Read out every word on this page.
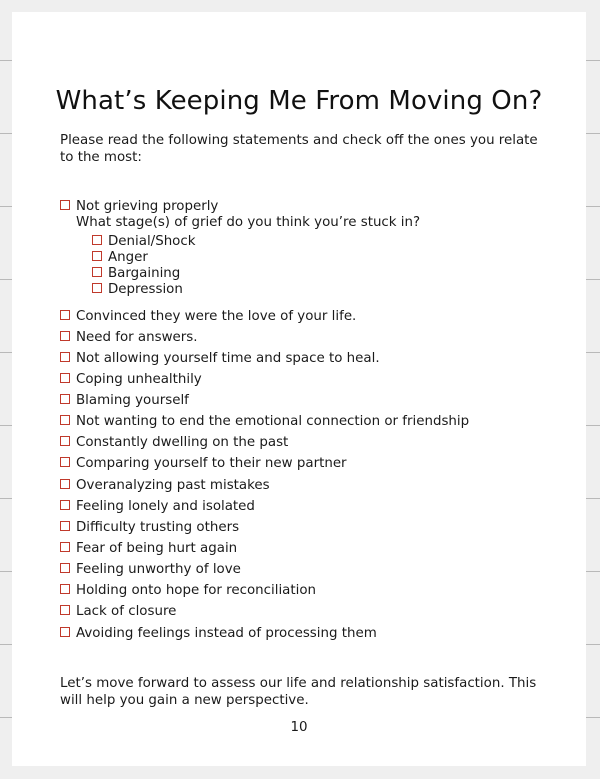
What’s Keeping Me From Moving On?
Please read the following statements and check off the ones you relate to the most:
Not grieving properly
What stage(s) of grief do you think you’re stuck in?
Denial/Shock
Anger
Bargaining
Depression
Convinced they were the love of your life.
Need for answers.
Not allowing yourself time and space to heal.
Coping unhealthily
Blaming yourself
Not wanting to end the emotional connection or friendship
Constantly dwelling on the past
Comparing yourself to their new partner
Overanalyzing past mistakes
Feeling lonely and isolated
Difficulty trusting others
Fear of being hurt again
Feeling unworthy of love
Holding onto hope for reconciliation
Lack of closure
Avoiding feelings instead of processing them
Let’s move forward to assess our life and relationship satisfaction. This will help you gain a new perspective.
10
